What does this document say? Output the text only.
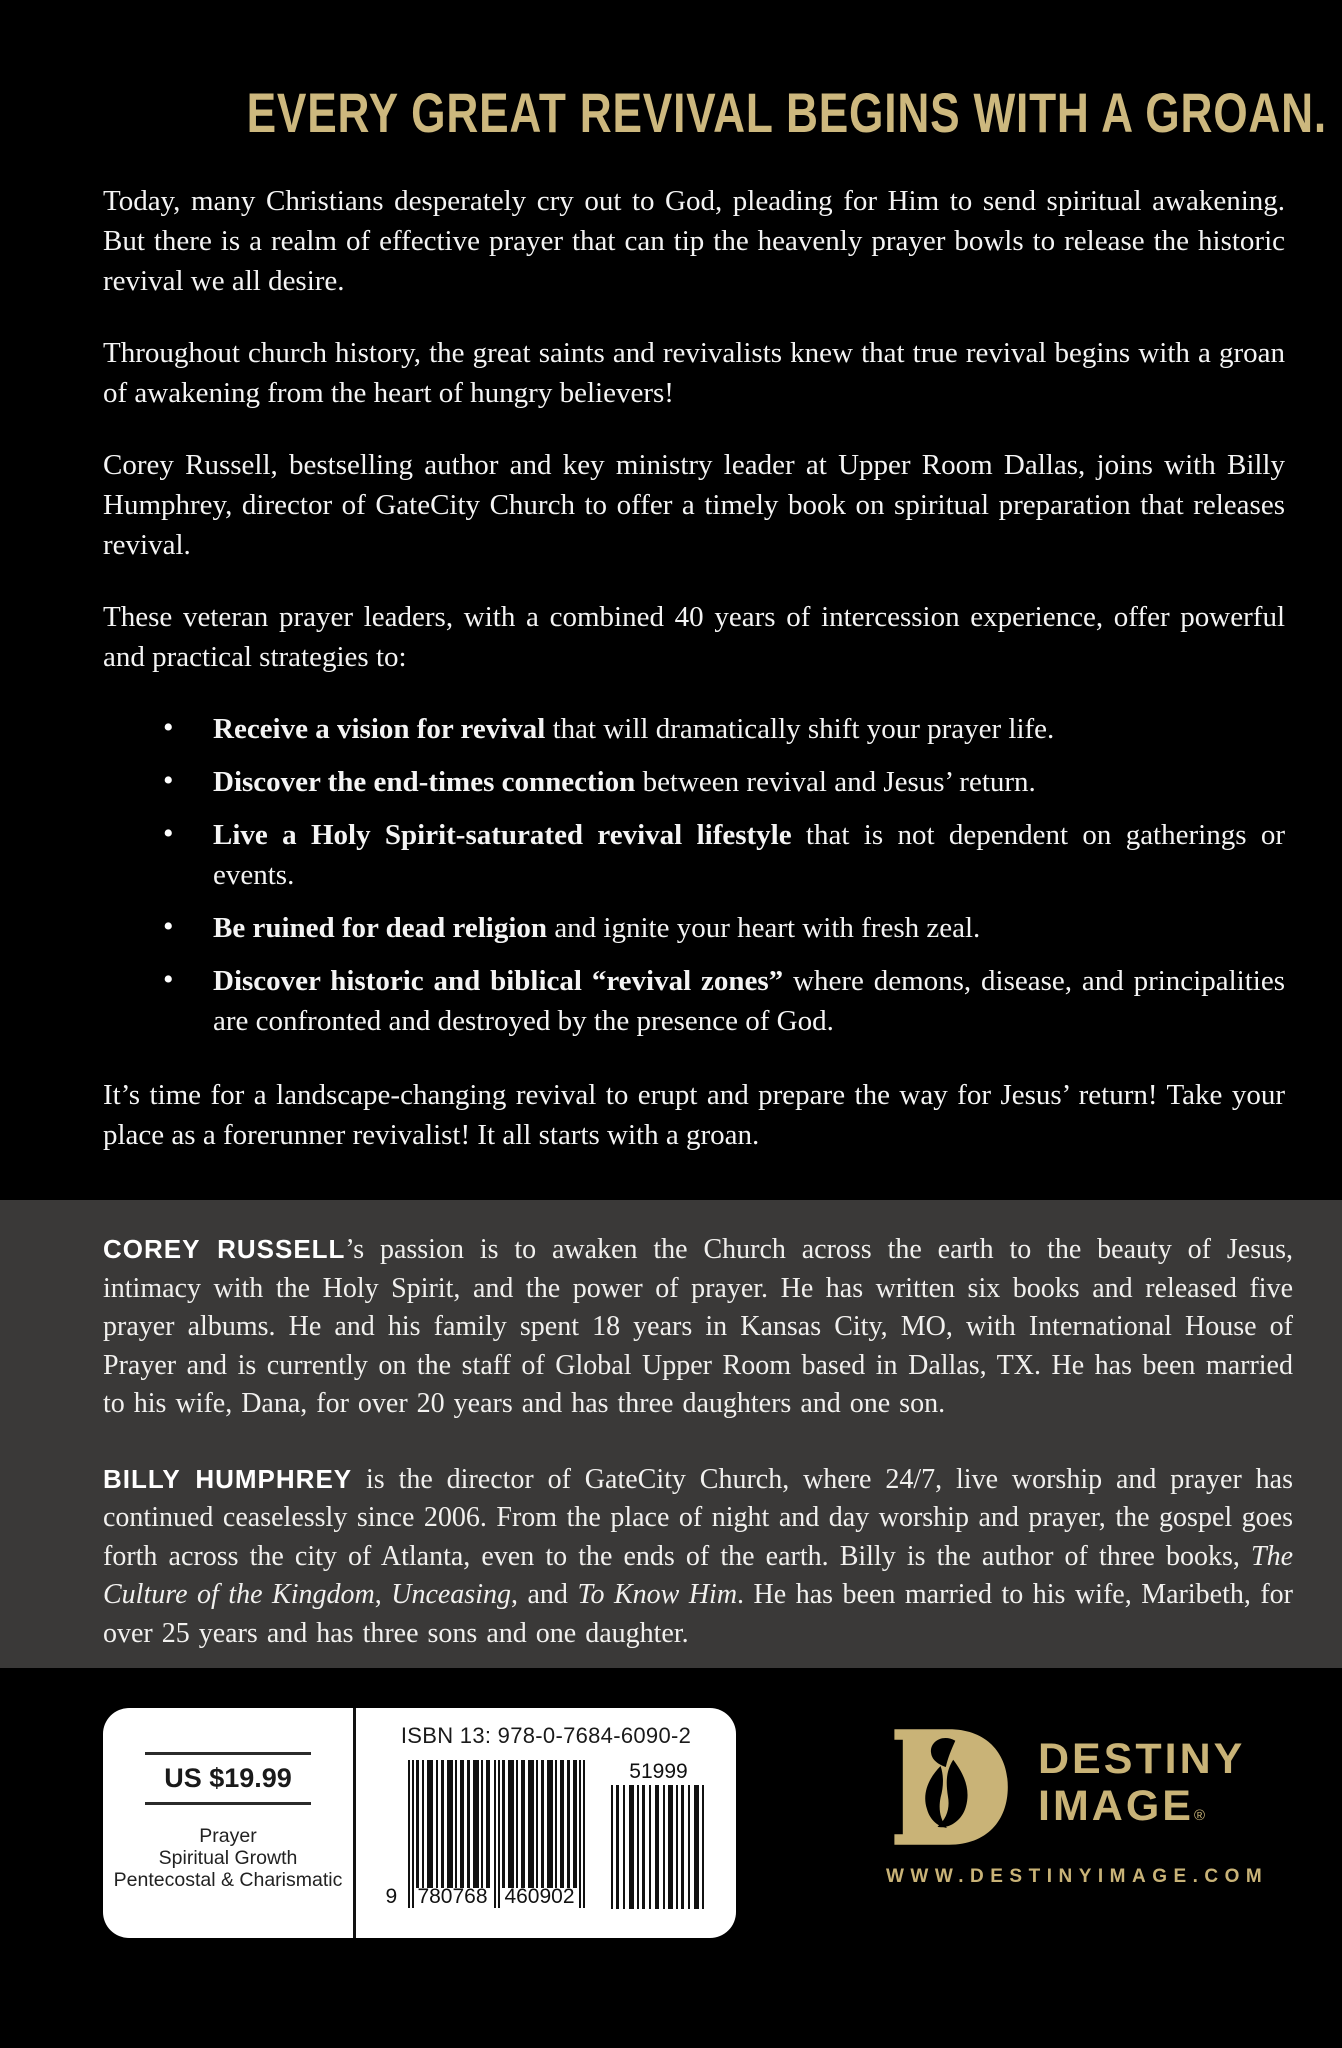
EVERY GREAT REVIVAL BEGINS WITH A GROAN.

Today, many Christians desperately cry out to God, pleading for Him to send spiritual awakening. But there is a realm of effective prayer that can tip the heavenly prayer bowls to release the historic revival we all desire.

Throughout church history, the great saints and revivalists knew that true revival begins with a groan of awakening from the heart of hungry believers!

Corey Russell, bestselling author and key ministry leader at Upper Room Dallas, joins with Billy Humphrey, director of GateCity Church to offer a timely book on spiritual preparation that releases revival.

These veteran prayer leaders, with a combined 40 years of intercession experience, offer powerful and practical strategies to:

• Receive a vision for revival that will dramatically shift your prayer life.
• Discover the end-times connection between revival and Jesus’ return.
• Live a Holy Spirit-saturated revival lifestyle that is not dependent on gatherings or events.
• Be ruined for dead religion and ignite your heart with fresh zeal.
• Discover historic and biblical “revival zones” where demons, disease, and principalities are confronted and destroyed by the presence of God.

It’s time for a landscape-changing revival to erupt and prepare the way for Jesus’ return! Take your place as a forerunner revivalist! It all starts with a groan.

COREY RUSSELL’s passion is to awaken the Church across the earth to the beauty of Jesus, intimacy with the Holy Spirit, and the power of prayer. He has written six books and released five prayer albums. He and his family spent 18 years in Kansas City, MO, with International House of Prayer and is currently on the staff of Global Upper Room based in Dallas, TX. He has been married to his wife, Dana, for over 20 years and has three daughters and one son.

BILLY HUMPHREY is the director of GateCity Church, where 24/7, live worship and prayer has continued ceaselessly since 2006. From the place of night and day worship and prayer, the gospel goes forth across the city of Atlanta, even to the ends of the earth. Billy is the author of three books, The Culture of the Kingdom, Unceasing, and To Know Him. He has been married to his wife, Maribeth, for over 25 years and has three sons and one daughter.

US $19.99
Prayer
Spiritual Growth
Pentecostal & Charismatic
ISBN 13: 978-0-7684-6090-2
9 780768 460902
51999	DESTINY
IMAGE®
WWW.DESTINYIMAGE.COM
